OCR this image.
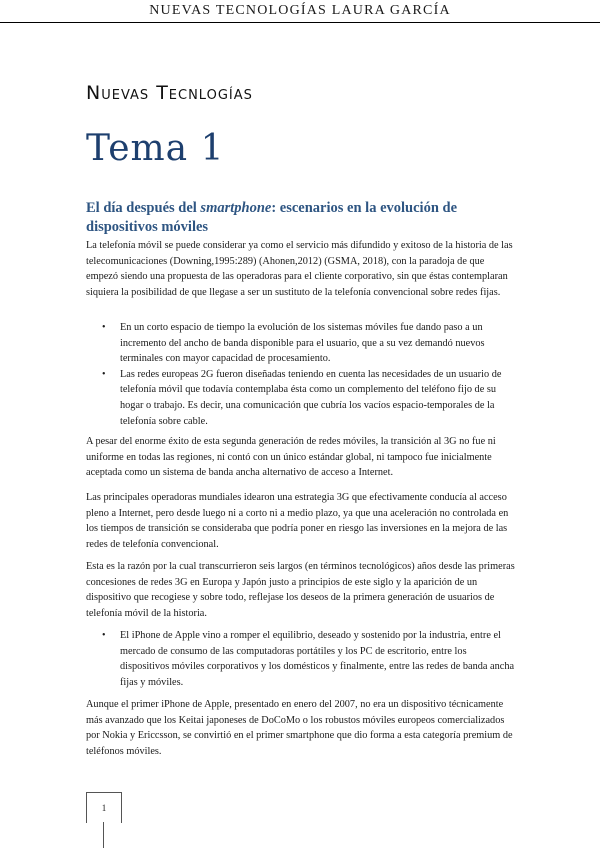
NUEVAS TECNOLOGÍAS LAURA GARCÍA
Nuevas Tecnlogías
Tema 1
El día después del smartphone: escenarios en la evolución de dispositivos móviles

La telefonía móvil se puede considerar ya como el servicio más difundido y exitoso de la historia de las telecomunicaciones (Downing,1995:289) (Ahonen,2012) (GSMA, 2018), con la paradoja de que empezó siendo una propuesta de las operadoras para el cliente corporativo, sin que éstas contemplaran siquiera la posibilidad de que llegase a ser un sustituto de la telefonía convencional sobre redes fijas.

• En un corto espacio de tiempo la evolución de los sistemas móviles fue dando paso a un incremento del ancho de banda disponible para el usuario, que a su vez demandó nuevos terminales con mayor capacidad de procesamiento.
• Las redes europeas 2G fueron diseñadas teniendo en cuenta las necesidades de un usuario de telefonía móvil que todavía contemplaba ésta como un complemento del teléfono fijo de su hogar o trabajo. Es decir, una comunicación que cubría los vacíos espacio-temporales de la telefonía sobre cable.

A pesar del enorme éxito de esta segunda generación de redes móviles, la transición al 3G no fue ni uniforme en todas las regiones, ni contó con un único estándar global, ni tampoco fue inicialmente aceptada como un sistema de banda ancha alternativo de acceso a Internet.

Las principales operadoras mundiales idearon una estrategia 3G que efectivamente conducía al acceso pleno a Internet, pero desde luego ni a corto ni a medio plazo, ya que una aceleración no controlada en los tiempos de transición se consideraba que podría poner en riesgo las inversiones en la mejora de las redes de telefonía convencional.

Esta es la razón por la cual transcurrieron seis largos (en términos tecnológicos) años desde las primeras concesiones de redes 3G en Europa y Japón justo a principios de este siglo y la aparición de un dispositivo que recogiese y sobre todo, reflejase los deseos de la primera generación de usuarios de telefonía móvil de la historia.

• El iPhone de Apple vino a romper el equilibrio, deseado y sostenido por la industria, entre el mercado de consumo de las computadoras portátiles y los PC de escritorio, entre los dispositivos móviles corporativos y los domésticos y finalmente, entre las redes de banda ancha fijas y móviles.

Aunque el primer iPhone de Apple, presentado en enero del 2007, no era un dispositivo técnicamente más avanzado que los Keitai japoneses de DoCoMo o los robustos móviles europeos comercializados por Nokia y Ericcsson, se convirtió en el primer smartphone que dio forma a esta categoría premium de teléfonos móviles.

1
